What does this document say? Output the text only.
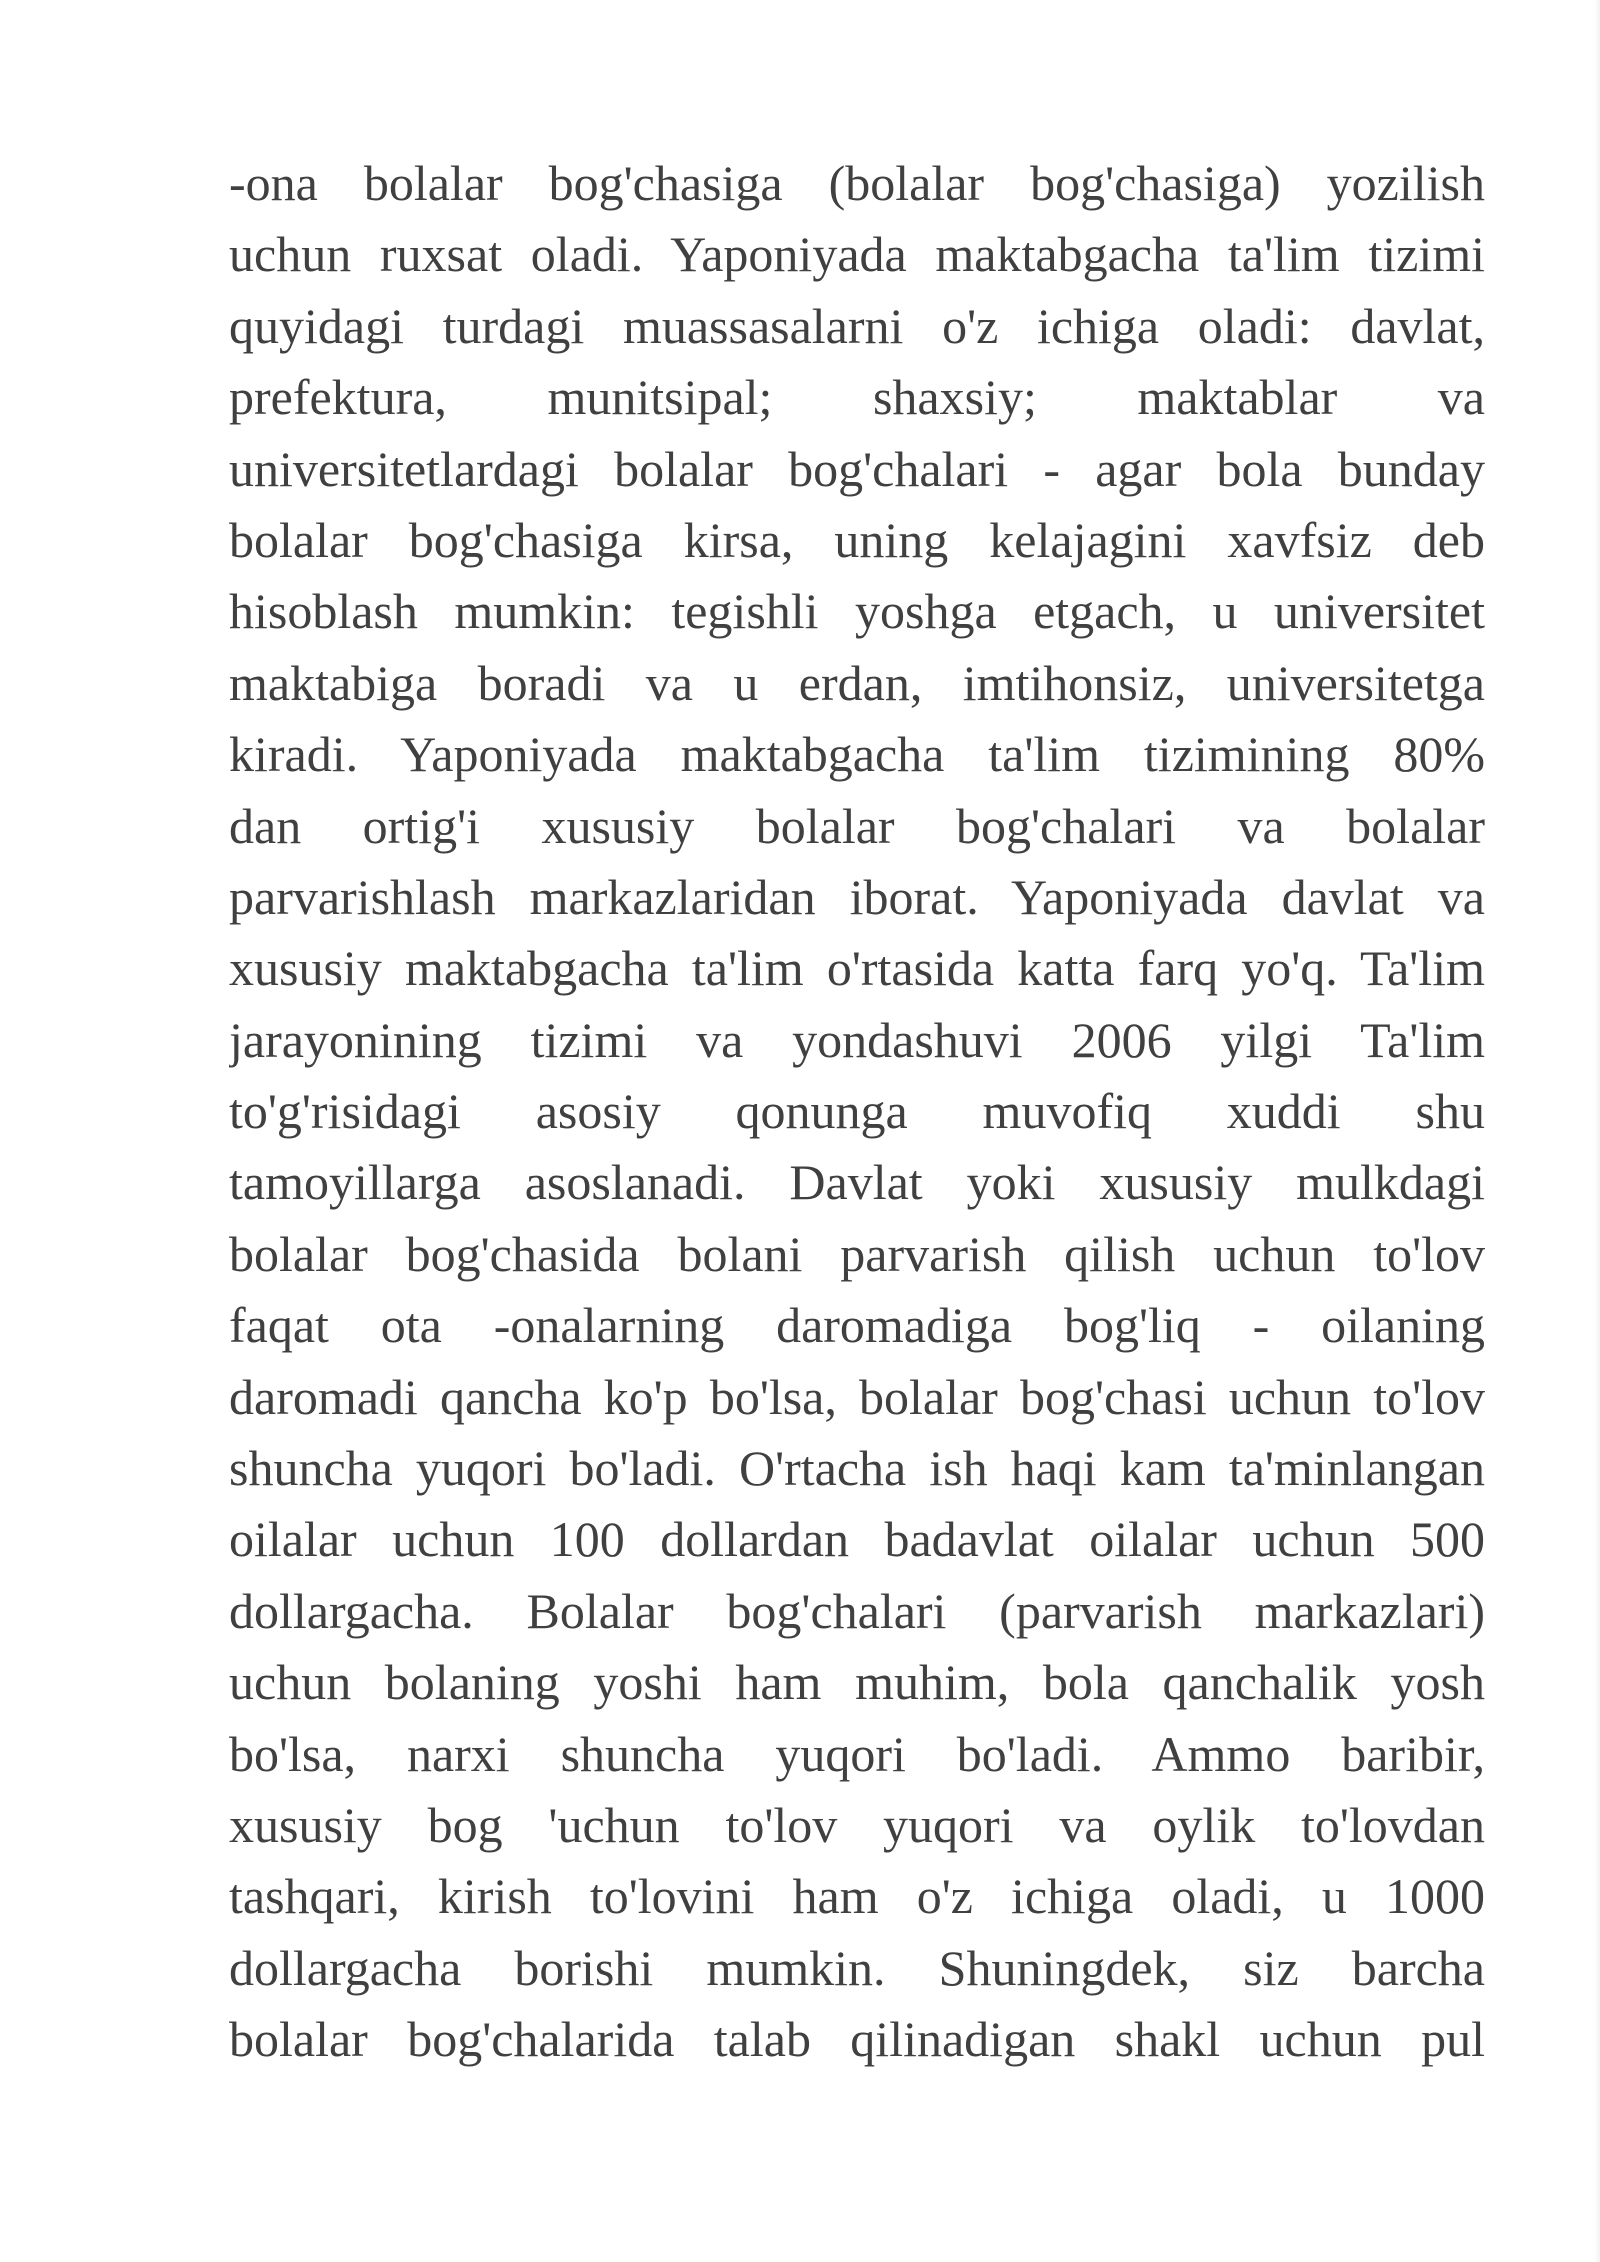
-ona bolalar bog'chasiga (bolalar bog'chasiga) yozilish
uchun ruxsat oladi. Yaponiyada maktabgacha ta'lim tizimi
quyidagi turdagi muassasalarni o'z ichiga oladi: davlat,
prefektura, munitsipal; shaxsiy; maktablar va
universitetlardagi bolalar bog'chalari - agar bola bunday
bolalar bog'chasiga kirsa, uning kelajagini xavfsiz deb
hisoblash mumkin: tegishli yoshga etgach, u universitet
maktabiga boradi va u erdan, imtihonsiz, universitetga
kiradi. Yaponiyada maktabgacha ta'lim tizimining 80%
dan ortig'i xususiy bolalar bog'chalari va bolalar
parvarishlash markazlaridan iborat. Yaponiyada davlat va
xususiy maktabgacha ta'lim o'rtasida katta farq yo'q. Ta'lim
jarayonining tizimi va yondashuvi 2006 yilgi Ta'lim
to'g'risidagi asosiy qonunga muvofiq xuddi shu
tamoyillarga asoslanadi. Davlat yoki xususiy mulkdagi
bolalar bog'chasida bolani parvarish qilish uchun to'lov
faqat ota -onalarning daromadiga bog'liq - oilaning
daromadi qancha ko'p bo'lsa, bolalar bog'chasi uchun to'lov
shuncha yuqori bo'ladi. O'rtacha ish haqi kam ta'minlangan
oilalar uchun 100 dollardan badavlat oilalar uchun 500
dollargacha. Bolalar bog'chalari (parvarish markazlari)
uchun bolaning yoshi ham muhim, bola qanchalik yosh
bo'lsa, narxi shuncha yuqori bo'ladi. Ammo baribir,
xususiy bog 'uchun to'lov yuqori va oylik to'lovdan
tashqari, kirish to'lovini ham o'z ichiga oladi, u 1000
dollargacha borishi mumkin. Shuningdek, siz barcha
bolalar bog'chalarida talab qilinadigan shakl uchun pul
